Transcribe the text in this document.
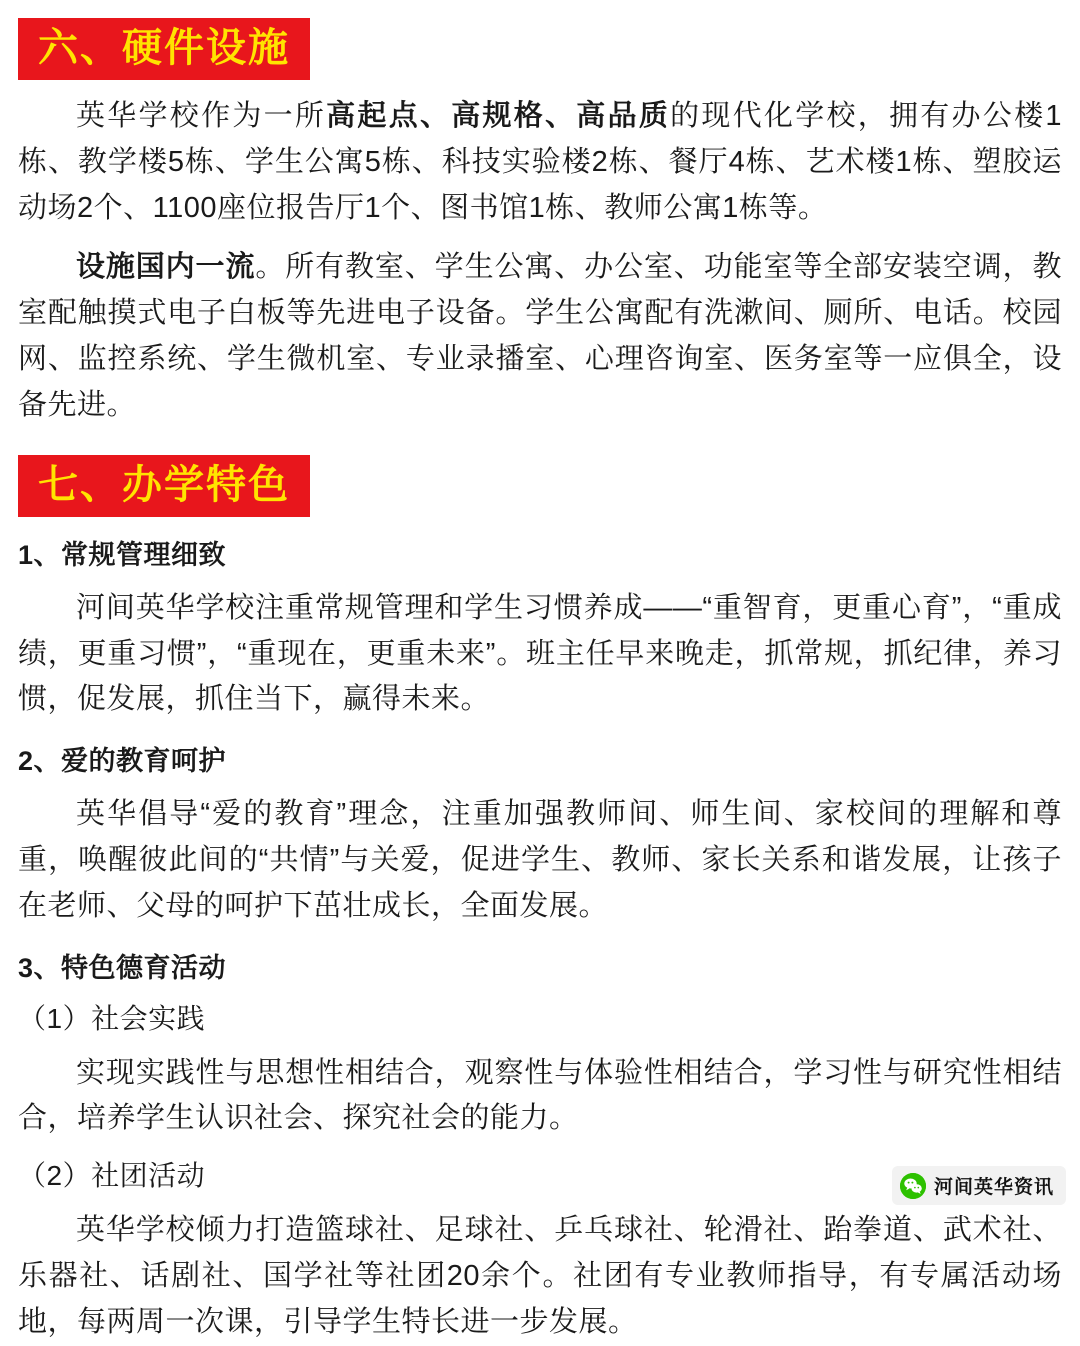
六、硬件设施

英华学校作为一所高起点、高规格、高品质的现代化学校，拥有办公楼1栋、教学楼5栋、学生公寓5栋、科技实验楼2栋、餐厅4栋、艺术楼1栋、塑胶运动场2个、1100座位报告厅1个、图书馆1栋、教师公寓1栋等。

设施国内一流。所有教室、学生公寓、办公室、功能室等全部安装空调，教室配触摸式电子白板等先进电子设备。学生公寓配有洗漱间、厕所、电话。校园网、监控系统、学生微机室、专业录播室、心理咨询室、医务室等一应俱全，设备先进。

七、办学特色
1、常规管理细致

河间英华学校注重常规管理和学生习惯养成——“重智育，更重心育”，“重成绩，更重习惯”，“重现在，更重未来”。班主任早来晚走，抓常规，抓纪律，养习惯，促发展，抓住当下，赢得未来。

2、爱的教育呵护

英华倡导“爱的教育”理念，注重加强教师间、师生间、家校间的理解和尊重，唤醒彼此间的“共情”与关爱，促进学生、教师、家长关系和谐发展，让孩子在老师、父母的呵护下茁壮成长，全面发展。

3、特色德育活动
（1）社会实践

实现实践性与思想性相结合，观察性与体验性相结合，学习性与研究性相结合，培养学生认识社会、探究社会的能力。

（2）社团活动

英华学校倾力打造篮球社、足球社、乒乓球社、轮滑社、跆拳道、武术社、乐器社、话剧社、国学社等社团20余个。社团有专业教师指导，有专属活动场地，每两周一次课，引导学生特长进一步发展。

河间英华资讯
